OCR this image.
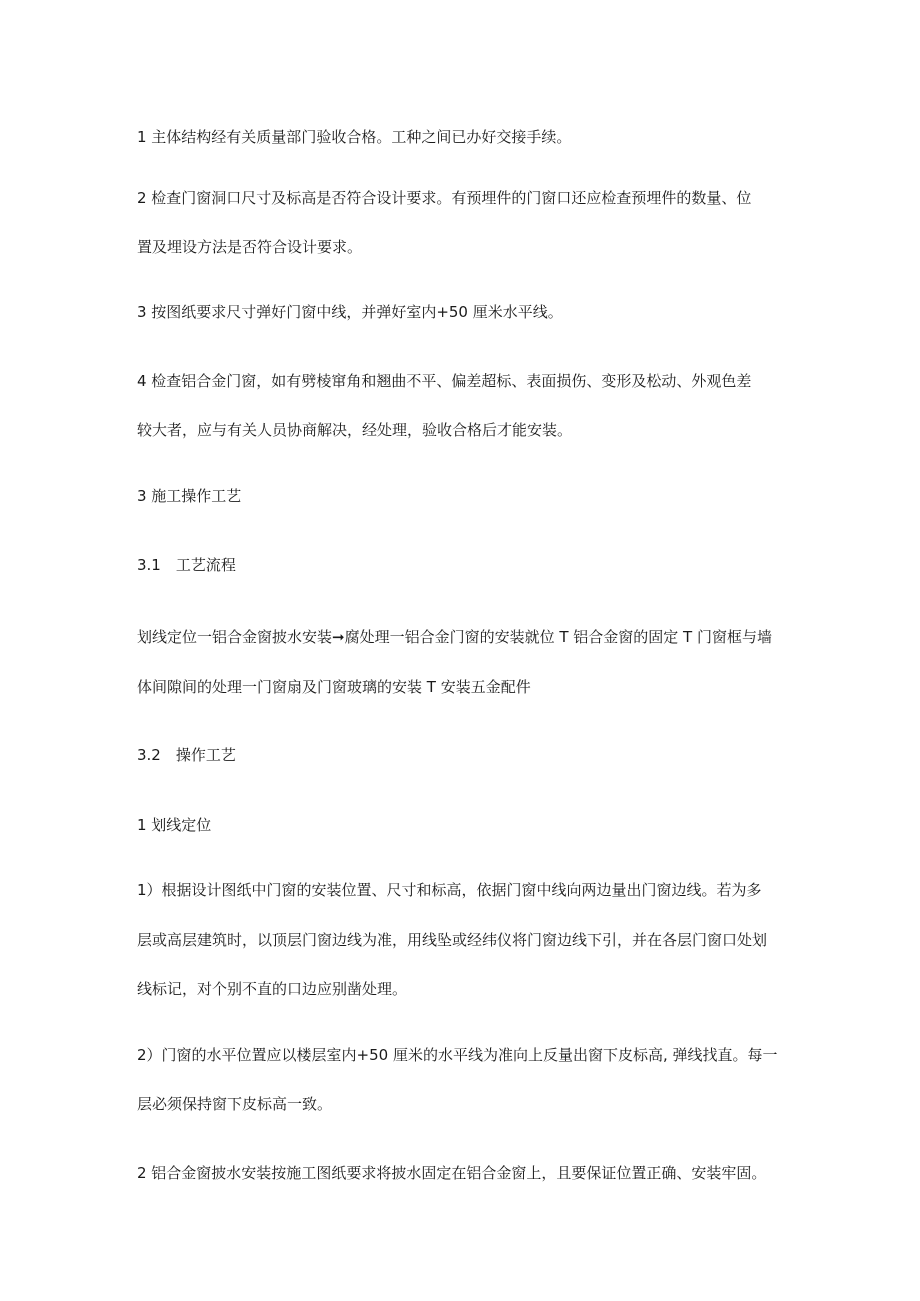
1 主体结构经有关质量部门验收合格。工种之间已办好交接手续。

2 检查门窗洞口尺寸及标高是否符合设计要求。有预埋件的门窗口还应检查预埋件的数量、位

置及埋设方法是否符合设计要求。

3 按图纸要求尺寸弹好门窗中线，并弹好室内+50 厘米水平线。

4 检查铝合金门窗，如有劈棱窜角和翘曲不平、偏差超标、表面损伤、变形及松动、外观色差

较大者，应与有关人员协商解决，经处理，验收合格后才能安装。

3 施工操作工艺

3.1　工艺流程

划线定位一铝合金窗披水安装➞腐处理一铝合金门窗的安装就位 T 铝合金窗的固定 T 门窗框与墙

体间隙间的处理一门窗扇及门窗玻璃的安装 T 安装五金配件

3.2　操作工艺

1 划线定位

1）根据设计图纸中门窗的安装位置、尺寸和标高，依据门窗中线向两边量出门窗边线。若为多

层或高层建筑时，以顶层门窗边线为准，用线坠或经纬仪将门窗边线下引，并在各层门窗口处划

线标记，对个别不直的口边应别凿处理。

2）门窗的水平位置应以楼层室内+50 厘米的水平线为准向上反量出窗下皮标高, 弹线找直。每一

层必须保持窗下皮标高一致。

2 铝合金窗披水安装按施工图纸要求将披水固定在铝合金窗上，且要保证位置正确、安装牢固。
